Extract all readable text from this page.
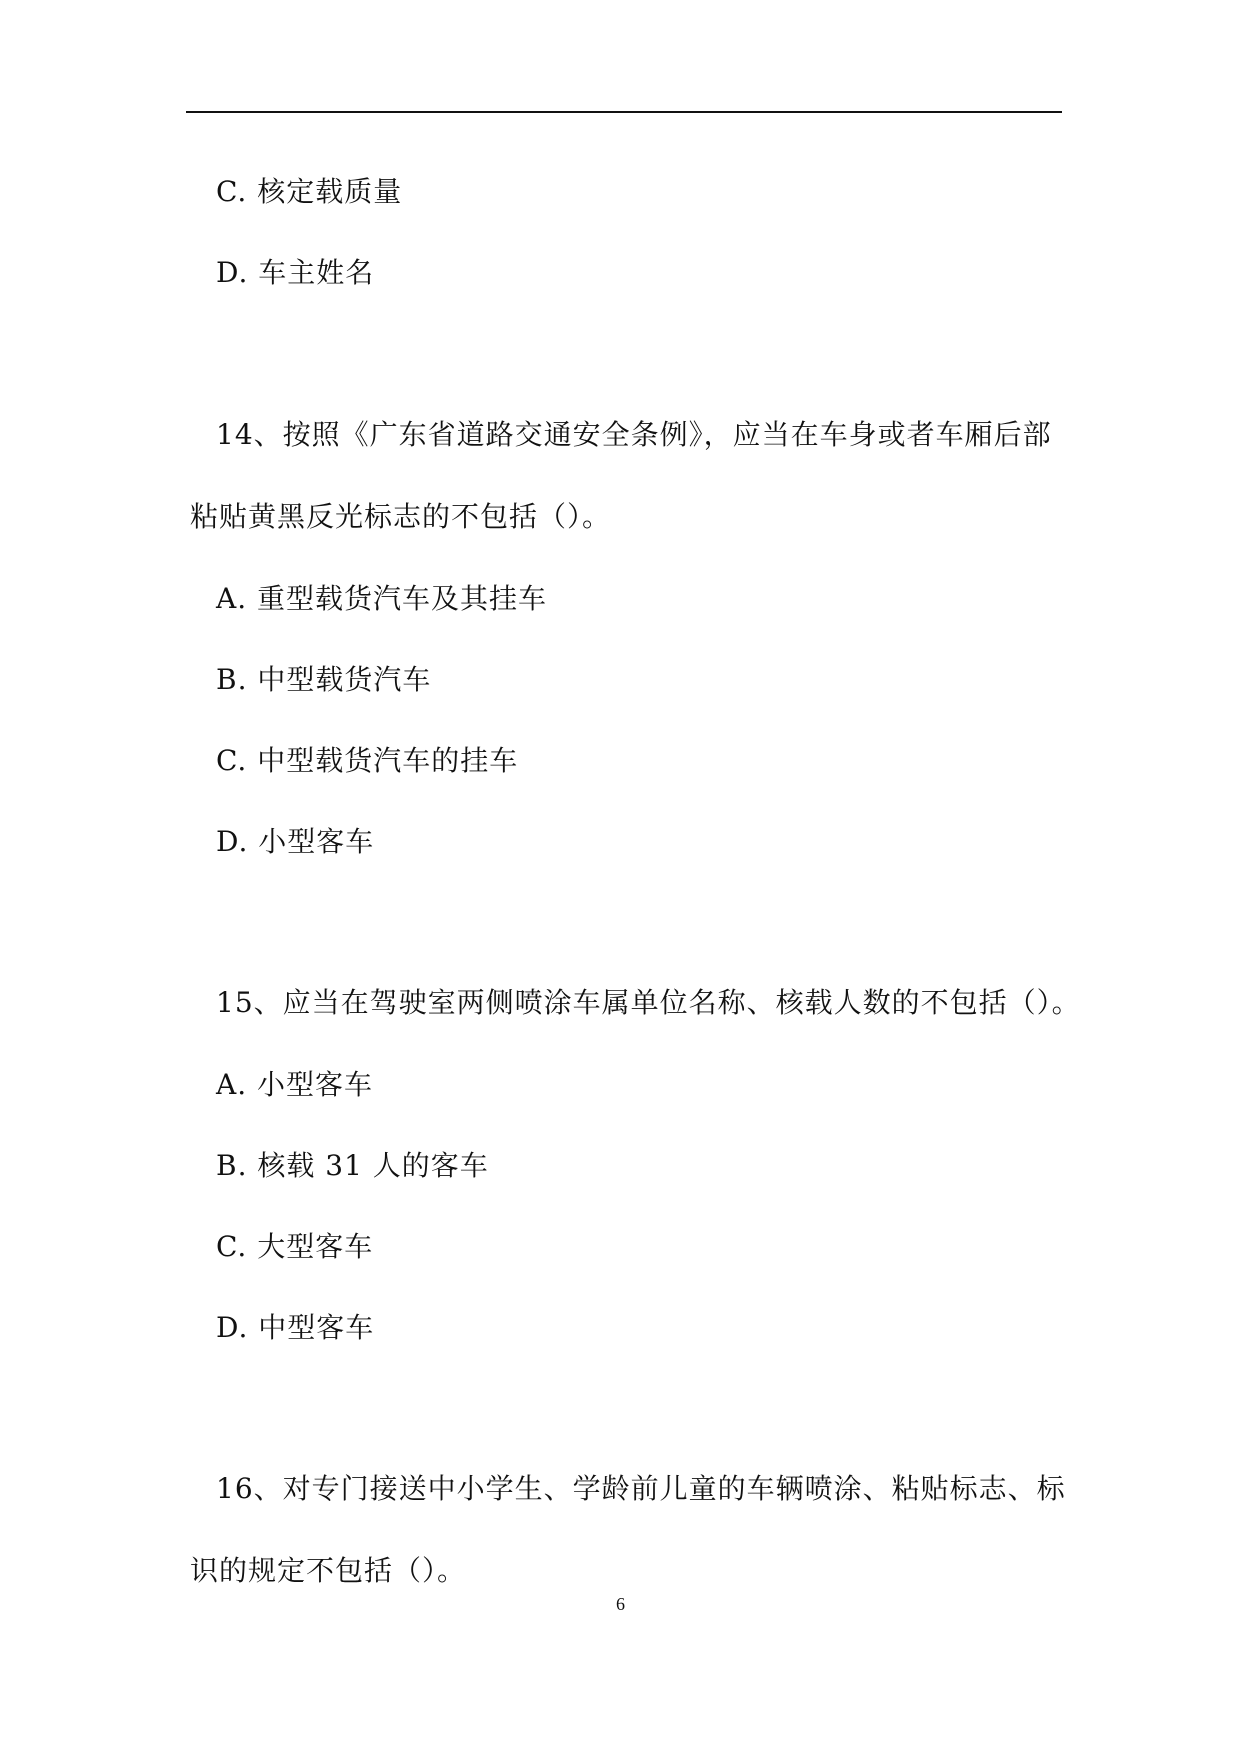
C. 核定载质量
D. 车主姓名
14、按照《广东省道路交通安全条例》，应当在车身或者车厢后部
粘贴黄黑反光标志的不包括（）。
A. 重型载货汽车及其挂车
B. 中型载货汽车
C. 中型载货汽车的挂车
D. 小型客车
15、应当在驾驶室两侧喷涂车属单位名称、核载人数的不包括（）。
A. 小型客车
B. 核载 31 人的客车
C. 大型客车
D. 中型客车
16、对专门接送中小学生、学龄前儿童的车辆喷涂、粘贴标志、标
识的规定不包括（）。
6
